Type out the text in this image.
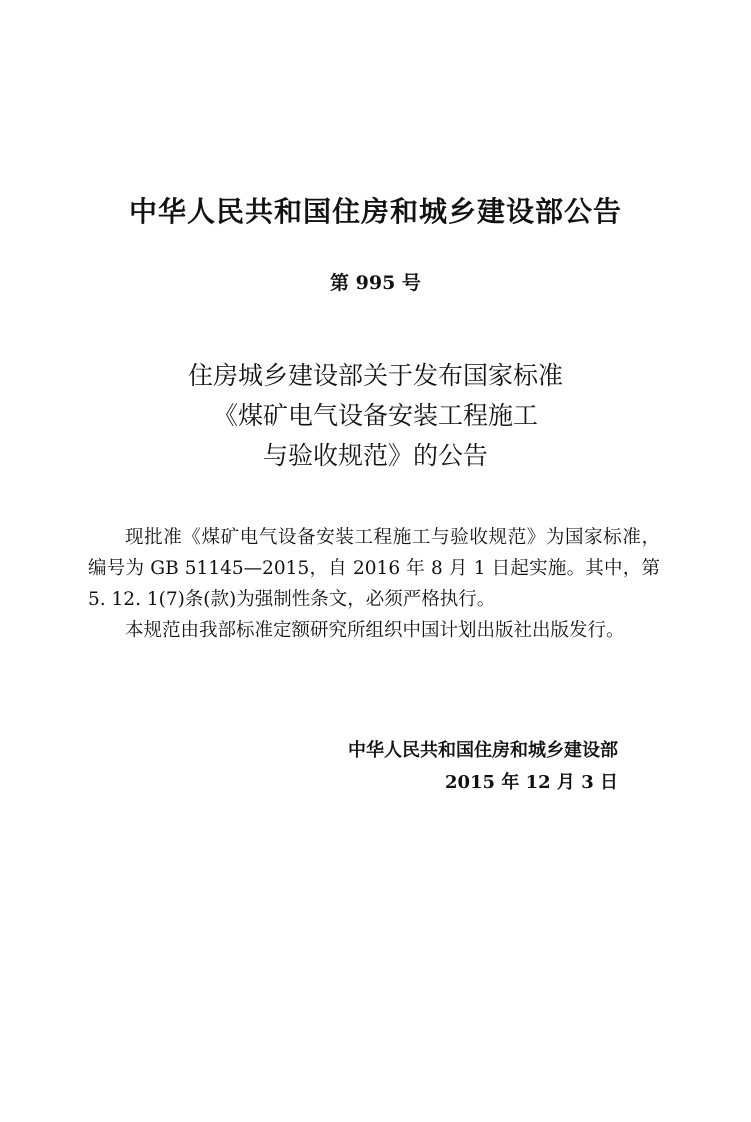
中华人民共和国住房和城乡建设部公告
第 995 号
住房城乡建设部关于发布国家标准
《煤矿电气设备安装工程施工
与验收规范》的公告

现批准《煤矿电气设备安装工程施工与验收规范》为国家标准，编号为 GB 51145—2015，自 2016 年 8 月 1 日起实施。其中，第 5. 12. 1(7)条(款)为强制性条文，必须严格执行。

本规范由我部标准定额研究所组织中国计划出版社出版发行。

中华人民共和国住房和城乡建设部
2015 年 12 月 3 日
